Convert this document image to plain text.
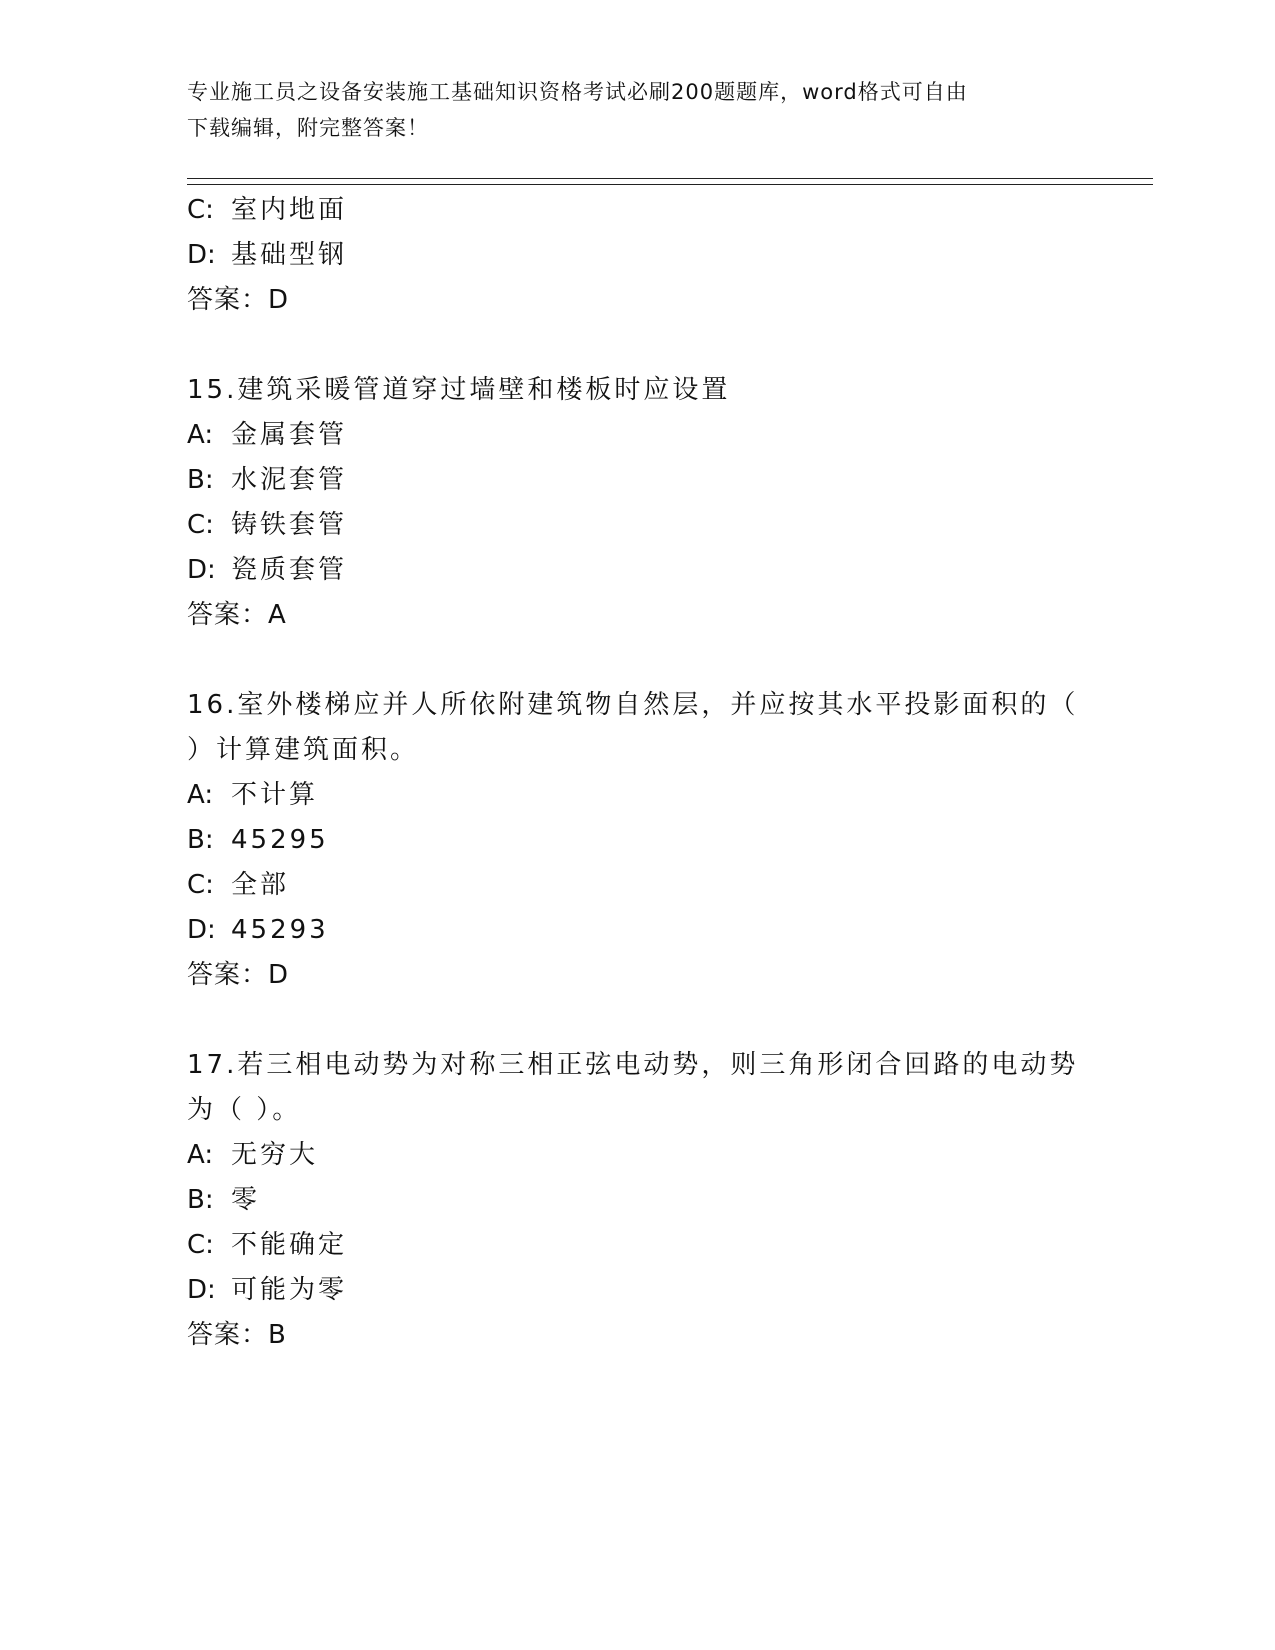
专业施工员之设备安装施工基础知识资格考试必刷200题题库，word格式可自由
下载编辑，附完整答案！
C: 室内地面
D: 基础型钢
答案：D
15.建筑采暖管道穿过墙壁和楼板时应设置
A: 金属套管
B: 水泥套管
C: 铸铁套管
D: 瓷质套管
答案：A
16.室外楼梯应并人所依附建筑物自然层，并应按其水平投影面积的（
）计算建筑面积。
A: 不计算
B: 45295
C: 全部
D: 45293
答案：D
17.若三相电动势为对称三相正弦电动势，则三角形闭合回路的电动势
为（ ）。
A: 无穷大
B: 零
C: 不能确定
D: 可能为零
答案：B
